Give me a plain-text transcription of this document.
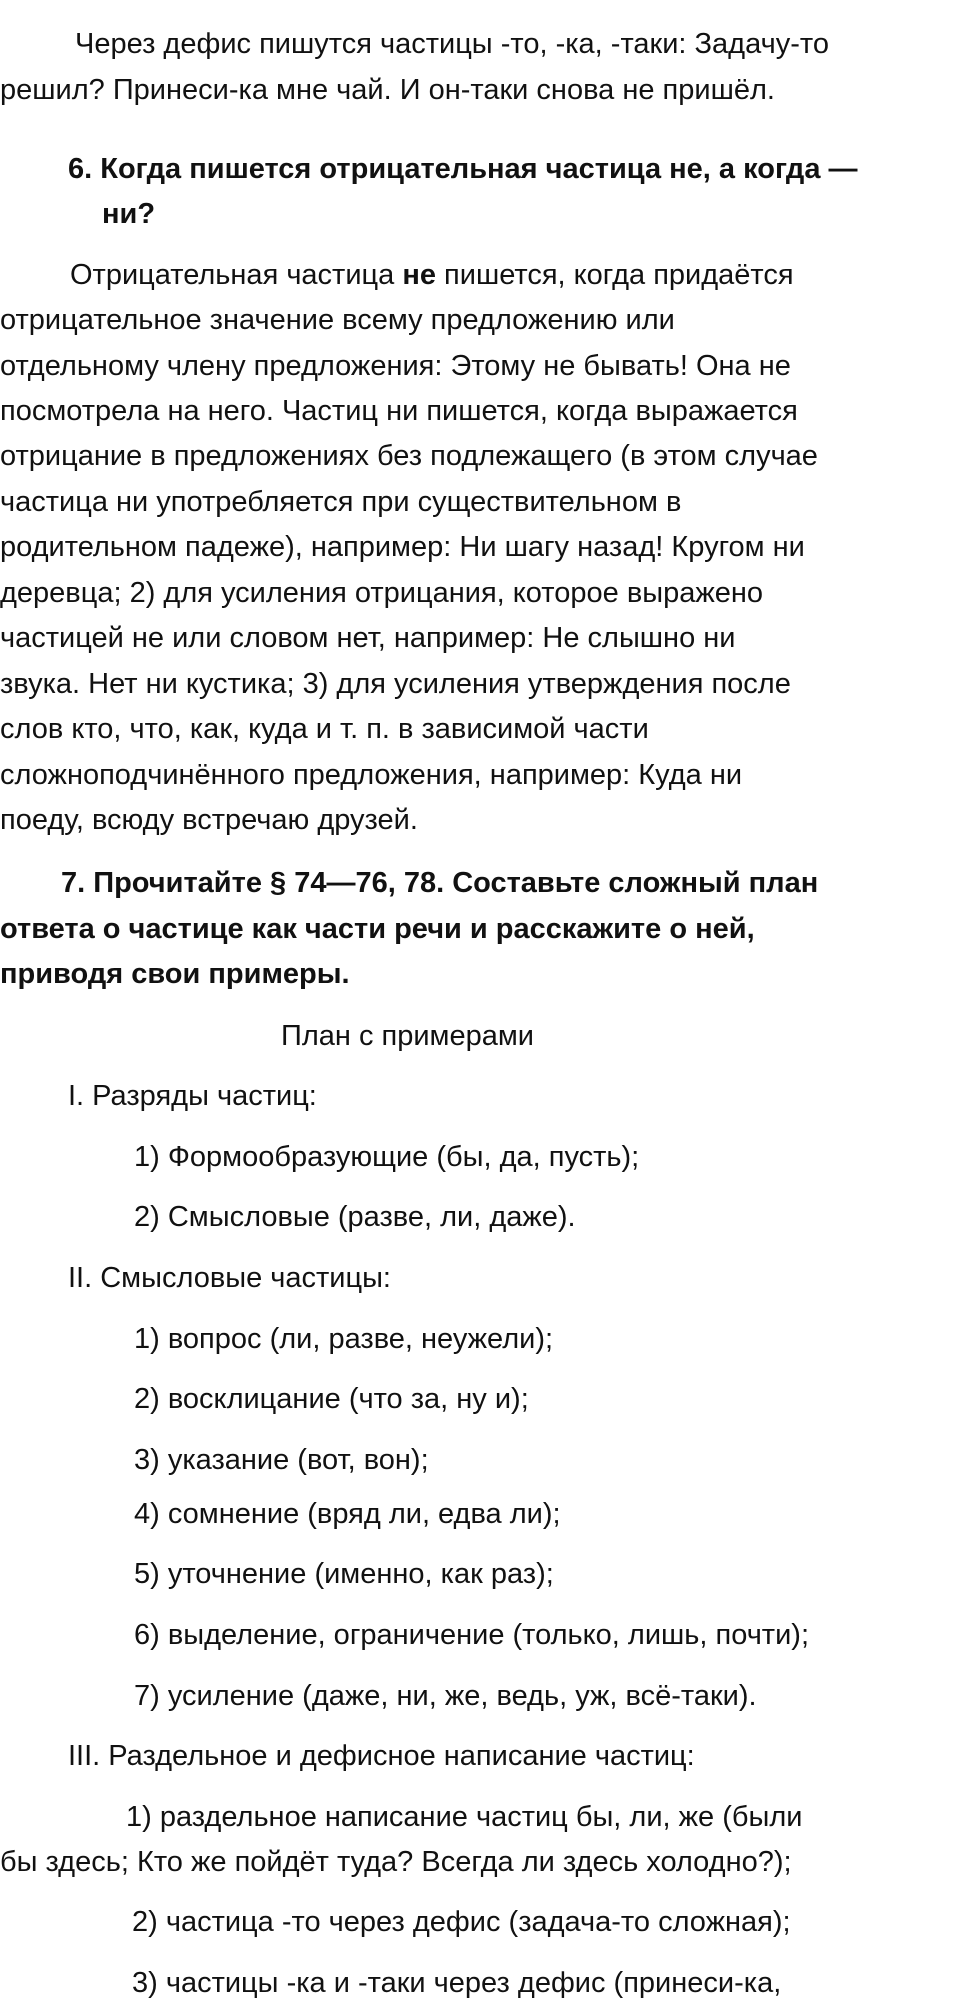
Через дефис пишутся частицы -то, -ка, -таки: Задачу-то
решил? Принеси-ка мне чай. И он-таки снова не пришёл.
6. Когда пишется отрицательная частица не, а когда —
ни?
Отрицательная частица не пишется, когда придаётся
отрицательное значение всему предложению или
отдельному члену предложения: Этому не бывать! Она не
посмотрела на него. Частиц ни пишется, когда выражается
отрицание в предложениях без подлежащего (в этом случае
частица ни употребляется при существительном в
родительном падеже), например: Ни шагу назад! Кругом ни
деревца; 2) для усиления отрицания, которое выражено
частицей не или словом нет, например: Не слышно ни
звука. Нет ни кустика; 3) для усиления утверждения после
слов кто, что, как, куда и т. п. в зависимой части
сложноподчинённого предложения, например: Куда ни
поеду, всюду встречаю друзей.
7. Прочитайте § 74—76, 78. Составьте сложный план
ответа о частице как части речи и расскажите о ней,
приводя свои примеры.
План с примерами
I. Разряды частиц:
1) Формообразующие (бы, да, пусть);
2) Смысловые (разве, ли, даже).
II. Смысловые частицы:
1) вопрос (ли, разве, неужели);
2) восклицание (что за, ну и);
3) указание (вот, вон);
4) сомнение (вряд ли, едва ли);
5) уточнение (именно, как раз);
6) выделение, ограничение (только, лишь, почти);
7) усиление (даже, ни, же, ведь, уж, всё-таки).
III. Раздельное и дефисное написание частиц:
1) раздельное написание частиц бы, ли, же (были
бы здесь; Кто же пойдёт туда? Всегда ли здесь холодно?);
2) частица -то через дефис (задача-то сложная);
3) частицы -ка и -таки через дефис (принеси-ка,
